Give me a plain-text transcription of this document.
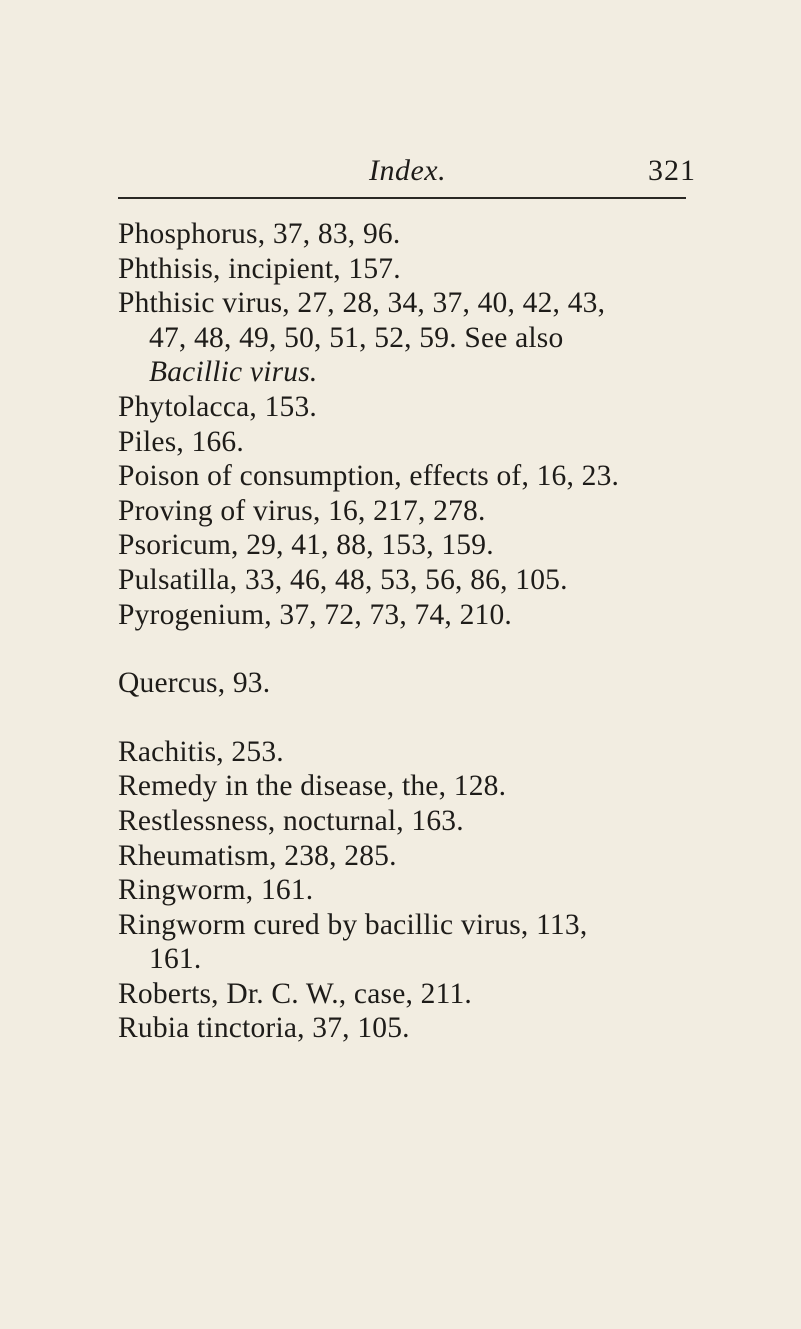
Index.	321
Phosphorus, 37, 83, 96.
Phthisis, incipient, 157.
Phthisic virus, 27, 28, 34, 37, 40, 42, 43,
47, 48, 49, 50, 51, 52, 59. See also
Bacillic virus.
Phytolacca, 153.
Piles, 166.
Poison of consumption, effects of, 16, 23.
Proving of virus, 16, 217, 278.
Psoricum, 29, 41, 88, 153, 159.
Pulsatilla, 33, 46, 48, 53, 56, 86, 105.
Pyrogenium, 37, 72, 73, 74, 210.
Quercus, 93.
Rachitis, 253.
Remedy in the disease, the, 128.
Restlessness, nocturnal, 163.
Rheumatism, 238, 285.
Ringworm, 161.
Ringworm cured by bacillic virus, 113,
161.
Roberts, Dr. C. W., case, 211.
Rubia tinctoria, 37, 105.
